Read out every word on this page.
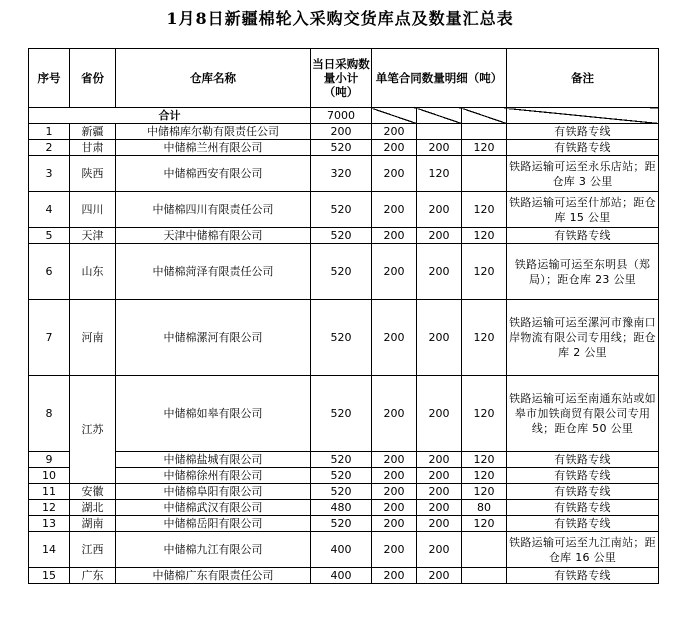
1月8日新疆棉轮入采购交货库点及数量汇总表
序号	省份	仓库名称	当日采购数量小计（吨）	单笔合同数量明细（吨）			备注
合计			7000				
1	新疆	中储棉库尔勒有限责任公司	200	200			有铁路专线
2	甘肃	中储棉兰州有限公司	520	200	200	120	有铁路专线
3	陕西	中储棉西安有限公司	320	200	120		铁路运输可运至永乐店站；距仓库 3 公里
4	四川	中储棉四川有限责任公司	520	200	200	120	铁路运输可运至什邡站；距仓库 15 公里
5	天津	天津中储棉有限公司	520	200	200	120	有铁路专线
6	山东	中储棉菏泽有限责任公司	520	200	200	120	铁路运输可运至东明县（郑局）；距仓库 23 公里
7	河南	中储棉漯河有限公司	520	200	200	120	铁路运输可运至漯河市豫南口岸物流有限公司专用线；距仓库 2 公里
8	江苏	中储棉如皋有限公司	520	200	200	120	铁路运输可运至南通东站或如皋市加铁商贸有限公司专用线；距仓库 50 公里
9		中储棉盐城有限公司	520	200	200	120	有铁路专线
10		中储棉徐州有限公司	520	200	200	120	有铁路专线
11	安徽	中储棉阜阳有限公司	520	200	200	120	有铁路专线
12	湖北	中储棉武汉有限公司	480	200	200	80	有铁路专线
13	湖南	中储棉岳阳有限公司	520	200	200	120	有铁路专线
14	江西	中储棉九江有限公司	400	200	200		铁路运输可运至九江南站；距仓库 16 公里
15	广东	中储棉广东有限责任公司	400	200	200		有铁路专线
